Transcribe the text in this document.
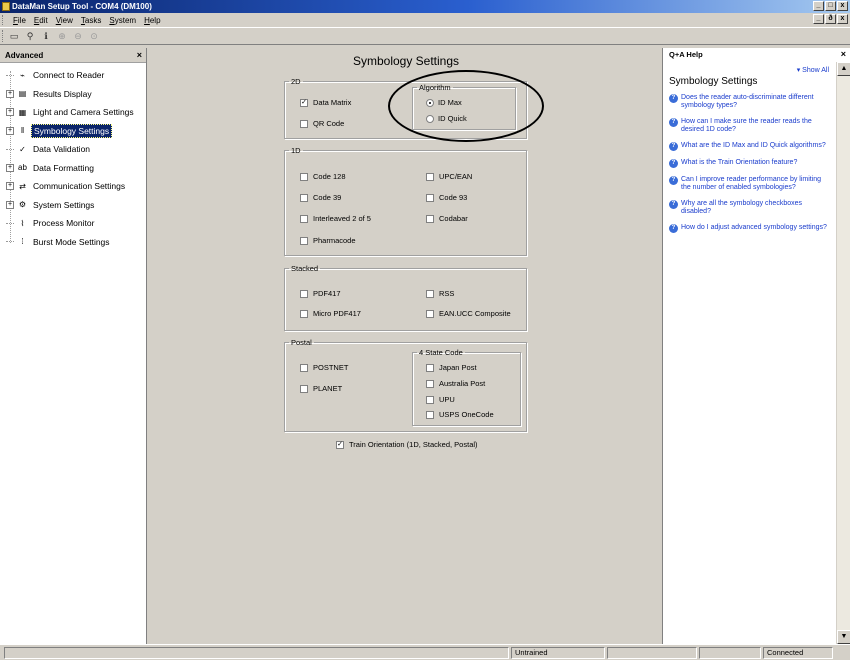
DataMan Setup Tool - COM4 (DM100)	_	□	x
File	Edit	View	Tasks	System	Help	_	ð	x
▭ ⚲	ℹ	⊕ ⊖ ⊙
Advanced	×
⌁ Connect to Reader
+ ▤ Results Display
+ ▦ Light and Camera Settings
+	ǁ	Symbology Settings
✓ Data Validation
+ ab Data Formatting
+ ⇄ Communication Settings
+ ⚙ System Settings
⌇	Process Monitor
⁞	Burst Mode Settings
Symbology Settings
2D
✓ Data Matrix
QR Code
Algorithm
ID Max
ID Quick
1D
Code 128	UPC/EAN
Code 39	Code 93
Interleaved 2 of 5	Codabar
Pharmacode
Stacked
PDF417	RSS
Micro PDF417	EAN.UCC Composite
Postal
POSTNET
PLANET
4 State Code
Japan Post
Australia Post
UPU
USPS OneCode
✓ Train Orientation (1D, Stacked, Postal)
Q+A Help	×
▾ Show All
Symbology Settings
? Does the reader auto-discriminate different symbology types?
? How can I make sure the reader reads the desired 1D code?
? What are the ID Max and ID Quick algorithms?
? What is the Train Orientation feature?
? Can I improve reader performance by limiting the number of enabled symbologies?
? Why are all the symbology checkboxes disabled?
? How do I adjust advanced symbology settings?
▲
▼
Untrained	Connected
